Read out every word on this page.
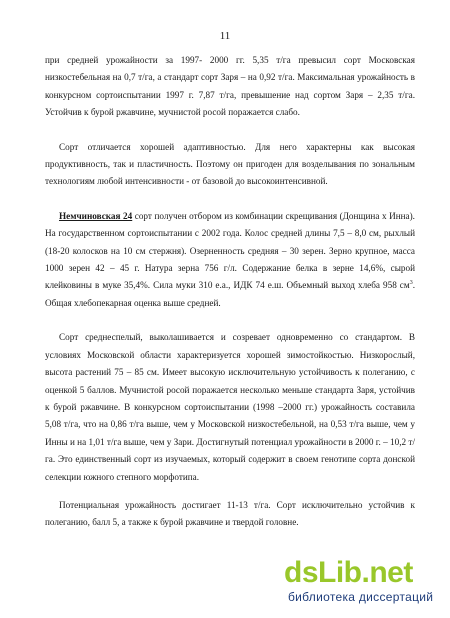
11

при средней урожайности за 1997- 2000 гг. 5,35 т/га превысил сорт Московская низкостебельная на 0,7 т/га, а стандарт сорт Заря – на 0,92 т/га. Максимальная урожайность в конкурсном сортоиспытании 1997 г. 7,87 т/га, превышение над сортом Заря – 2,35 т/га. Устойчив к бурой ржавчине, мучнистой росой поражается слабо.

Сорт отличается хорошей адаптивностью. Для него характерны как высокая продуктивность, так и пластичность. Поэтому он пригоден для возделывания по зональным технологиям любой интенсивности - от базовой до высокоинтенсивной.

Немчиновская 24 сорт получен отбором из комбинации скрещивания (Донщина х Инна). На государственном сортоиспытании с 2002 года. Колос средней длины 7,5 – 8,0 см, рыхлый (18-20 колосков на 10 см стержня). Озерненность средняя – 30 зерен. Зерно крупное, масса 1000 зерен 42 – 45 г. Натура зерна 756 г/л. Содержание белка в зерне 14,6%, сырой клейковины в муке 35,4%. Сила муки 310 е.а., ИДК 74 е.ш. Объемный выход хлеба 958 $см^3$. Общая хлебопекарная оценка выше средней.

Сорт среднеспелый, выколашивается и созревает одновременно со стандартом. В условиях Московской области характеризуется хорошей зимостойкостью. Низкорослый, высота растений 75 – 85 см. Имеет высокую исключительную устойчивость к полеганию, с оценкой 5 баллов. Мучнистой росой поражается несколько меньше стандарта Заря, устойчив к бурой ржавчине. В конкурсном сортоиспытании (1998 –2000 гг.) урожайность составила 5,08 т/га, что на 0,86 т/га выше, чем у Московской низкостебельной, на 0,53 т/га выше, чем у Инны и на 1,01 т/га выше, чем у Зари. Достигнутый потенциал урожайности в 2000 г. – 10,2 т/га. Это единственный сорт из изучаемых, который содержит в своем генотипе сорта донской селекции южного степного морфотипа.

Потенциальная урожайность достигает 11-13 т/га. Сорт исключительно устойчив к полеганию, балл 5, а также к бурой ржавчине и твердой головне.

dsLib.net
библиотека диссертаций
